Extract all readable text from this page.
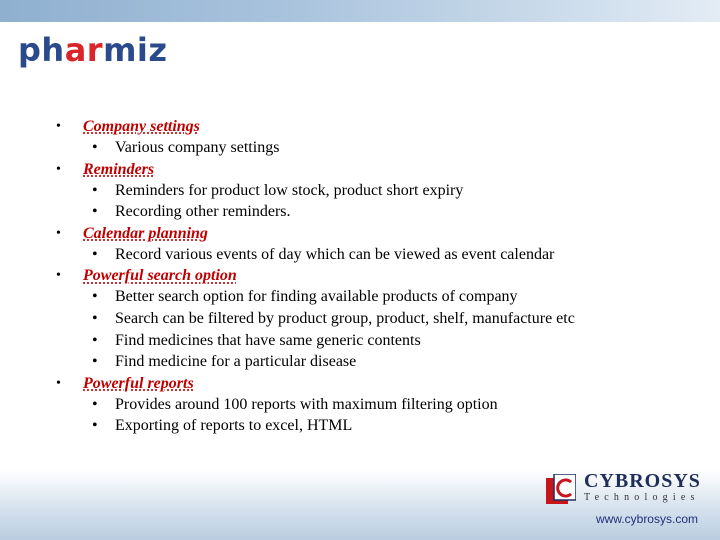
pharmiz
• Company settings
• Various company settings
• Reminders
• Reminders for product low stock, product short expiry
• Recording other reminders.
• Calendar planning
• Record various events of day which can be viewed as event calendar
• Powerful search option
• Better search option for finding available products of company
• Search can be filtered by product group, product, shelf, manufacture etc
• Find medicines that have same generic contents
• Find medicine for a particular disease
• Powerful reports
• Provides around 100 reports with maximum filtering option
• Exporting of reports to excel, HTML
CYBROSYS
Technologies
www.cybrosys.com
